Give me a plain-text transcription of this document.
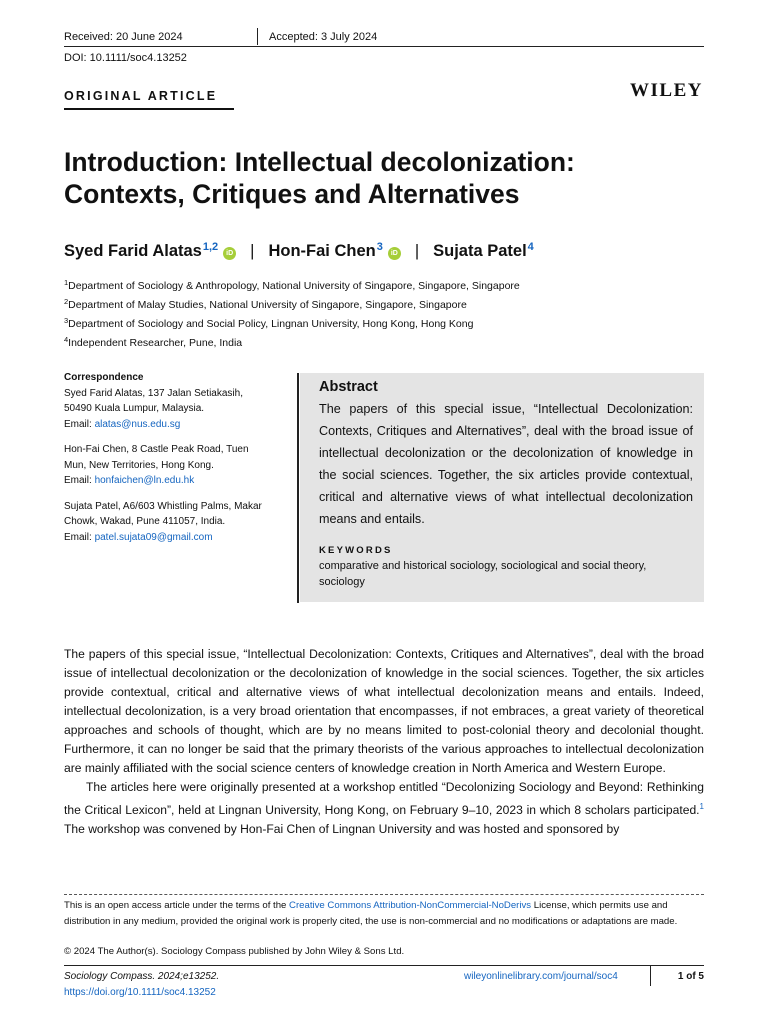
Received: 20 June 2024	Accepted: 3 July 2024
DOI: 10.1111/soc4.13252
ORIGINAL ARTICLE	WILEY
Introduction: Intellectual decolonization:
Contexts, Critiques and Alternatives
Syed Farid Alatas$^{1,2}$iD | Hon-Fai Chen$^3$iD | Sujata Patel$^4$
$^1$Department of Sociology & Anthropology, National University of Singapore, Singapore, Singapore
$^2$Department of Malay Studies, National University of Singapore, Singapore, Singapore
$^3$Department of Sociology and Social Policy, Lingnan University, Hong Kong, Hong Kong
$^4$Independent Researcher, Pune, India
Correspondence
Syed Farid Alatas, 137 Jalan Setiakasih,
50490 Kuala Lumpur, Malaysia.
Email: alatas@nus.edu.sg
Hon-Fai Chen, 8 Castle Peak Road, Tuen
Mun, New Territories, Hong Kong.
Email: honfaichen@ln.edu.hk
Sujata Patel, A6/603 Whistling Palms, Makar
Chowk, Wakad, Pune 411057, India.
Email: patel.sujata09@gmail.com
Abstract
The papers of this special issue, “Intellectual Decolonization: Contexts, Critiques and Alternatives”, deal with the broad issue of intellectual decolonization or the decolonization of knowledge in the social sciences. Together, the six articles provide contextual, critical and alternative views of what intellectual decolonization means and entails.
KEYWORDS
comparative and historical sociology, sociological and social theory, sociology

The papers of this special issue, “Intellectual Decolonization: Contexts, Critiques and Alternatives”, deal with the broad issue of intellectual decolonization or the decolonization of knowledge in the social sciences. Together, the six articles provide contextual, critical and alternative views of what intellectual decolonization means and entails. Indeed, intellectual decolonization, is a very broad orientation that encompasses, if not embraces, a great variety of theoretical approaches and schools of thought, which are by no means limited to post-colonial theory and decolonial thought. Furthermore, it can no longer be said that the primary theorists of the various approaches to intellectual decolonization are mainly affiliated with the social science centers of knowledge creation in North America and Western Europe.

The articles here were originally presented at a workshop entitled “Decolonizing Sociology and Beyond: Rethinking the Critical Lexicon”, held at Lingnan University, Hong Kong, on February 9–10, 2023 in which 8 scholars participated.$^1$ The workshop was convened by Hon-Fai Chen of Lingnan University and was hosted and sponsored by

This is an open access article under the terms of the Creative Commons Attribution-NonCommercial-NoDerivs License, which permits use and distribution in any medium, provided the original work is properly cited, the use is non-commercial and no modifications or adaptations are made.
© 2024 The Author(s). Sociology Compass published by John Wiley & Sons Ltd.
Sociology Compass. 2024;e13252.
https://doi.org/10.1111/soc4.13252
wileyonlinelibrary.com/journal/soc4	1 of 5
